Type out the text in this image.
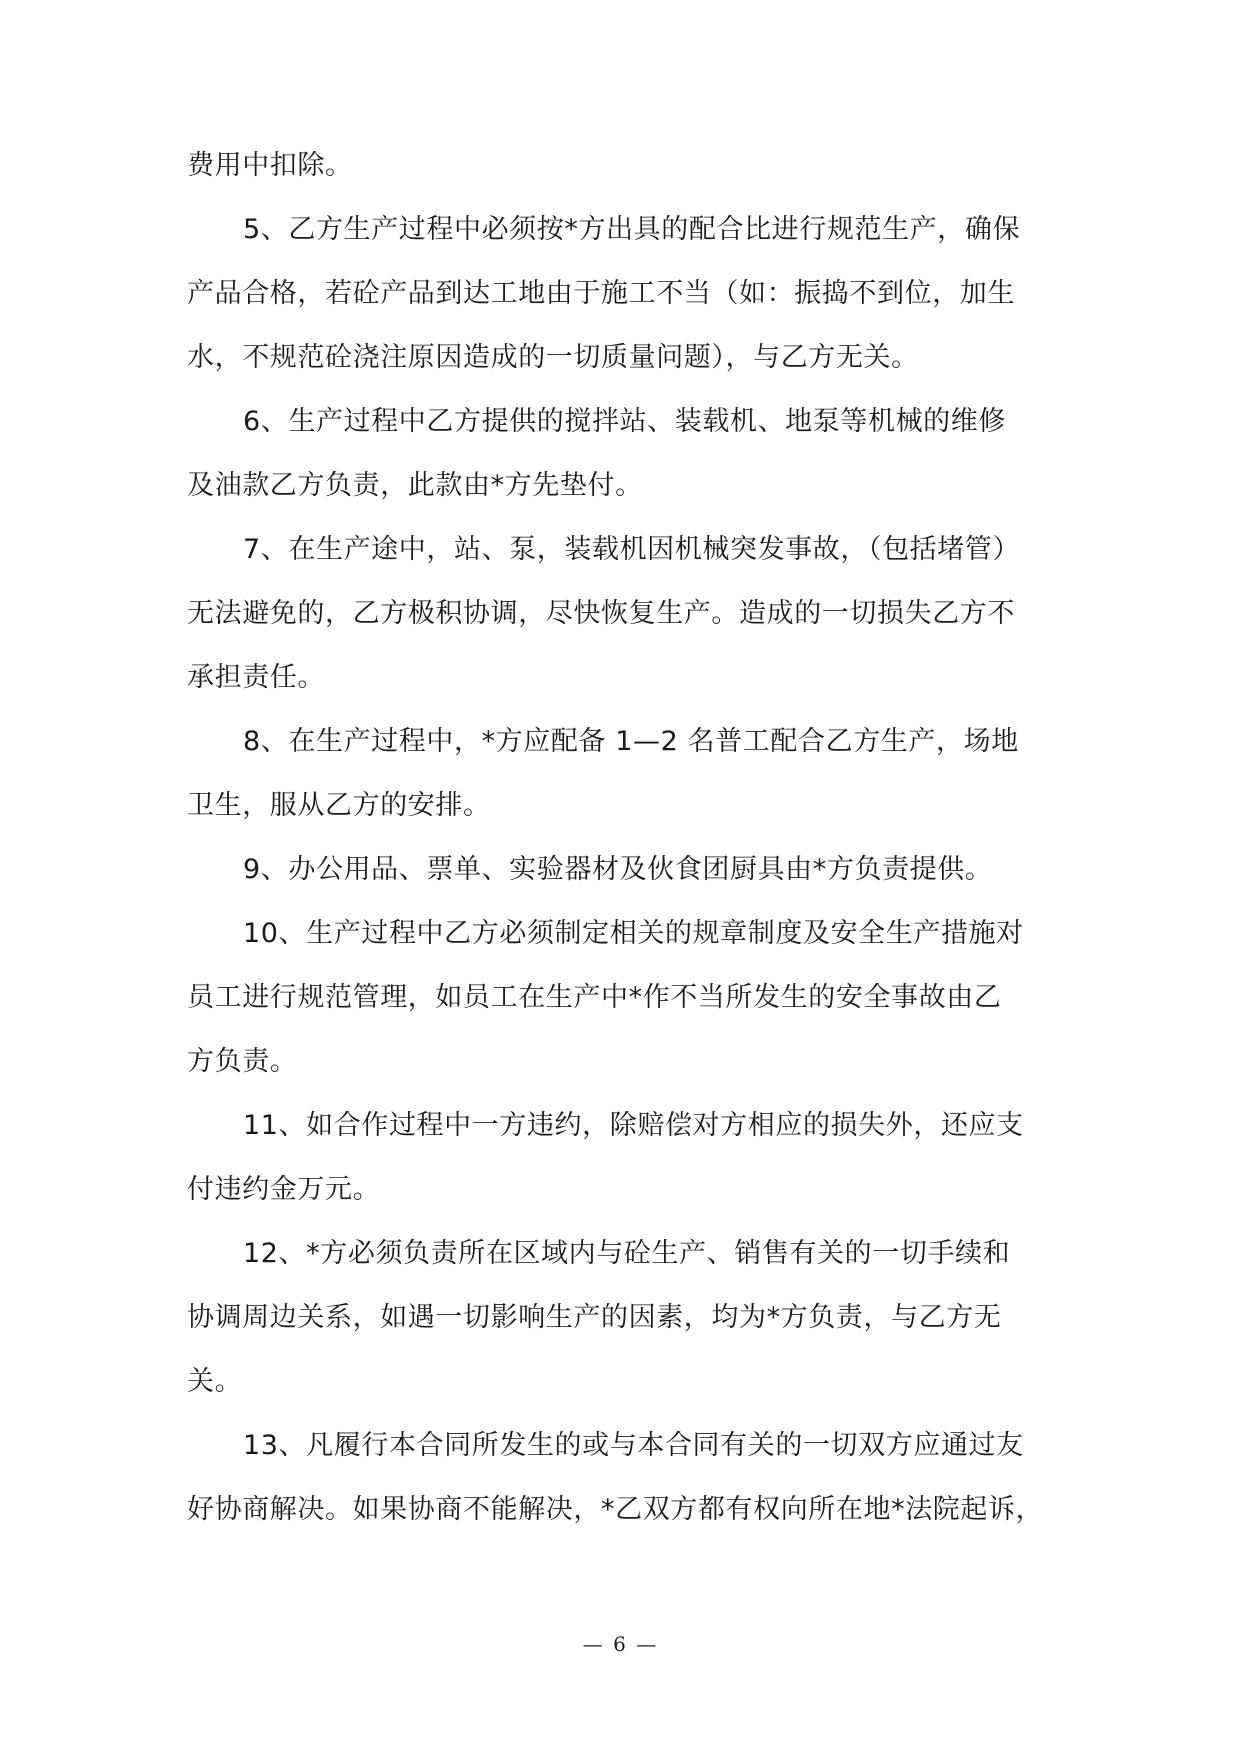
费用中扣除。
5、乙方生产过程中必须按*方出具的配合比进行规范生产，确保
产品合格，若砼产品到达工地由于施工不当（如：振捣不到位，加生
水，不规范砼浇注原因造成的一切质量问题），与乙方无关。
6、生产过程中乙方提供的搅拌站、装载机、地泵等机械的维修
及油款乙方负责，此款由*方先垫付。
7、在生产途中，站、泵，装载机因机械突发事故，（包括堵管）
无法避免的，乙方极积协调，尽快恢复生产。造成的一切损失乙方不
承担责任。
8、在生产过程中，*方应配备 1—2 名普工配合乙方生产，场地
卫生，服从乙方的安排。
9、办公用品、票单、实验器材及伙食团厨具由*方负责提供。
10、生产过程中乙方必须制定相关的规章制度及安全生产措施对
员工进行规范管理，如员工在生产中*作不当所发生的安全事故由乙
方负责。
11、如合作过程中一方违约，除赔偿对方相应的损失外，还应支
付违约金万元。
12、*方必须负责所在区域内与砼生产、销售有关的一切手续和
协调周边关系，如遇一切影响生产的因素，均为*方负责，与乙方无
关。
13、凡履行本合同所发生的或与本合同有关的一切双方应通过友
好协商解决。如果协商不能解决，*乙双方都有权向所在地*法院起诉，
— 6 —
